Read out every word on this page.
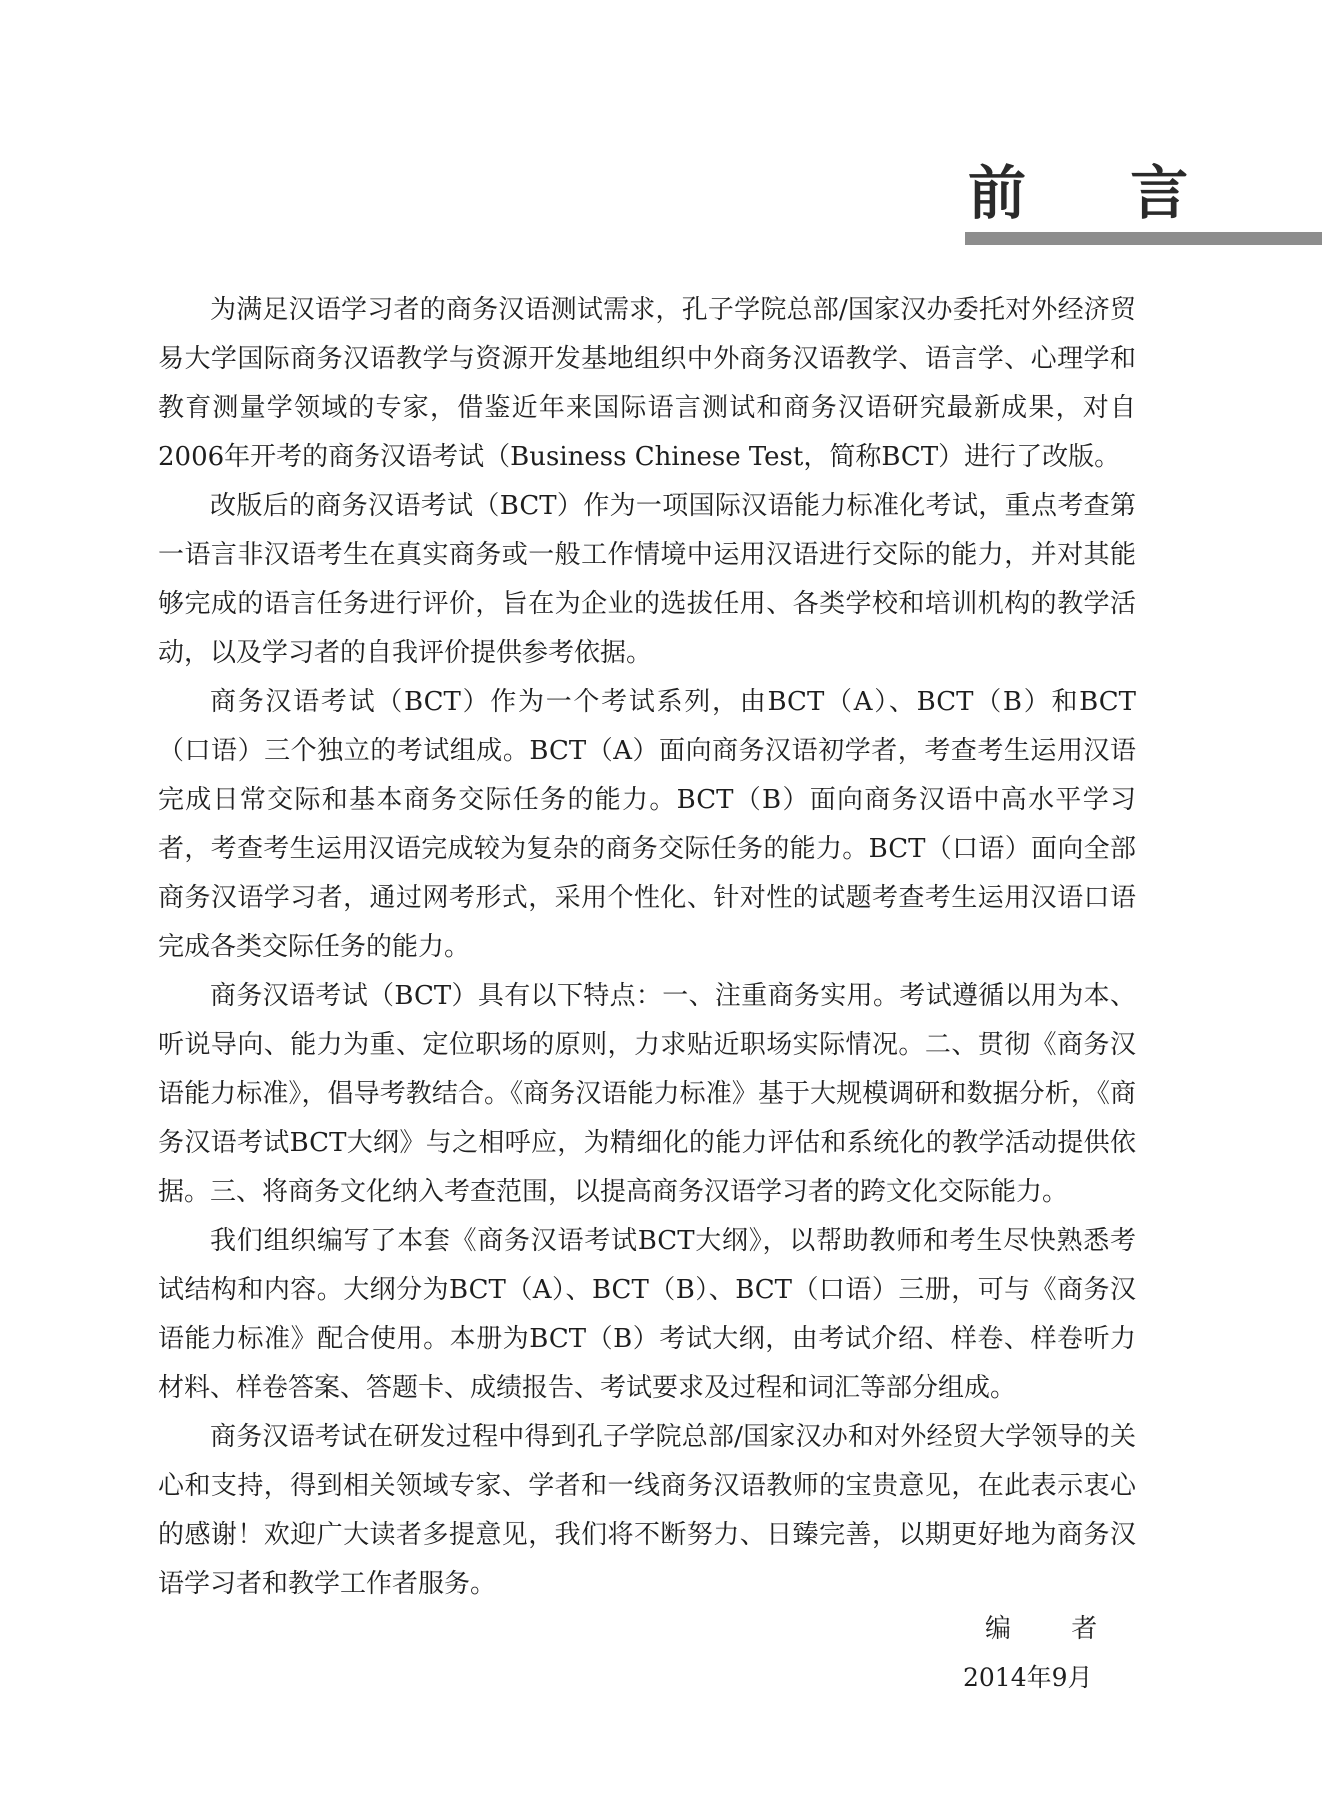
前 言

为满足汉语学习者的商务汉语测试需求，孔子学院总部/国家汉办委托对外经济贸易大学国际商务汉语教学与资源开发基地组织中外商务汉语教学、语言学、心理学和教育测量学领域的专家，借鉴近年来国际语言测试和商务汉语研究最新成果，对自2006年开考的商务汉语考试（Business Chinese Test，简称BCT）进行了改版。

改版后的商务汉语考试（BCT）作为一项国际汉语能力标准化考试，重点考查第一语言非汉语考生在真实商务或一般工作情境中运用汉语进行交际的能力，并对其能够完成的语言任务进行评价，旨在为企业的选拔任用、各类学校和培训机构的教学活动，以及学习者的自我评价提供参考依据。

商务汉语考试（BCT）作为一个考试系列，由BCT（A）、BCT（B）和BCT（口语）三个独立的考试组成。BCT（A）面向商务汉语初学者，考查考生运用汉语完成日常交际和基本商务交际任务的能力。BCT（B）面向商务汉语中高水平学习者，考查考生运用汉语完成较为复杂的商务交际任务的能力。BCT（口语）面向全部商务汉语学习者，通过网考形式，采用个性化、针对性的试题考查考生运用汉语口语完成各类交际任务的能力。

商务汉语考试（BCT）具有以下特点：一、注重商务实用。考试遵循以用为本、听说导向、能力为重、定位职场的原则，力求贴近职场实际情况。二、贯彻《商务汉语能力标准》，倡导考教结合。《商务汉语能力标准》基于大规模调研和数据分析，《商务汉语考试BCT大纲》与之相呼应，为精细化的能力评估和系统化的教学活动提供依据。三、将商务文化纳入考查范围，以提高商务汉语学习者的跨文化交际能力。

我们组织编写了本套《商务汉语考试BCT大纲》，以帮助教师和考生尽快熟悉考试结构和内容。大纲分为BCT（A）、BCT（B）、BCT（口语）三册，可与《商务汉语能力标准》配合使用。本册为BCT（B）考试大纲，由考试介绍、样卷、样卷听力材料、样卷答案、答题卡、成绩报告、考试要求及过程和词汇等部分组成。

商务汉语考试在研发过程中得到孔子学院总部/国家汉办和对外经贸大学领导的关心和支持，得到相关领域专家、学者和一线商务汉语教师的宝贵意见，在此表示衷心的感谢！欢迎广大读者多提意见，我们将不断努力、日臻完善，以期更好地为商务汉语学习者和教学工作者服务。

编 者
2014年9月
